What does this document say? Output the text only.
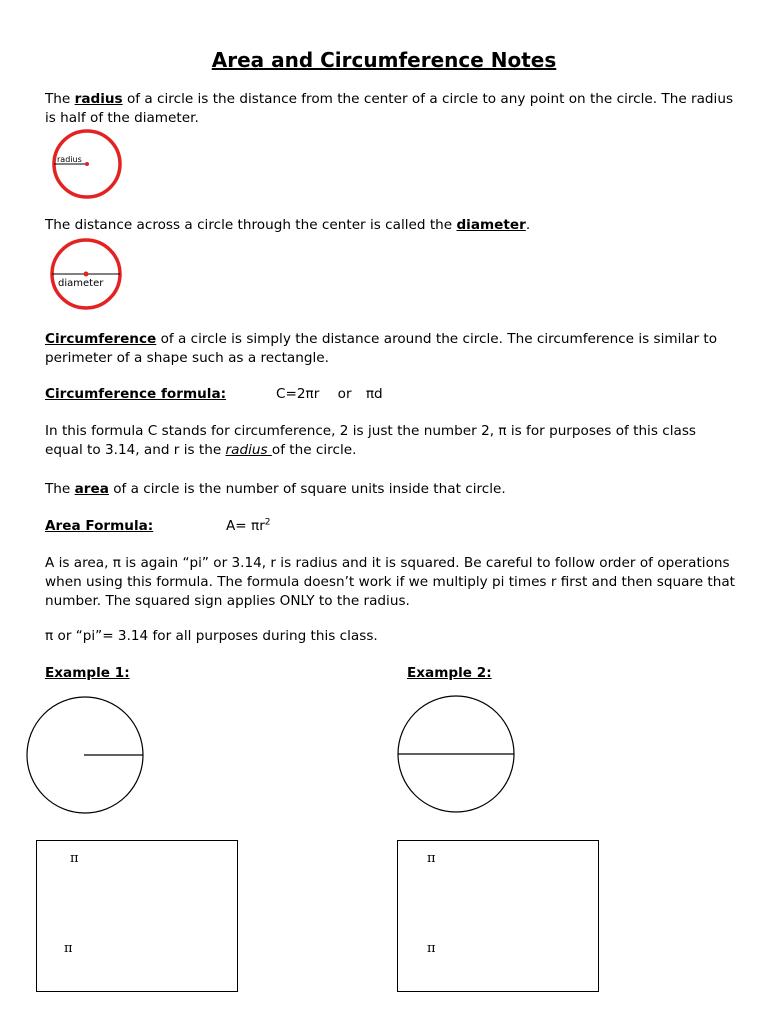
Area and Circumference Notes
The radius of a circle is the distance from the center of a circle to any point on the circle. The radius is half of the diameter.
radius
The distance across a circle through the center is called the diameter.
diameter
Circumference of a circle is simply the distance around the circle. The circumference is similar to perimeter of a shape such as a rectangle.
Circumference formula:	C=2πr or πd
In this formula C stands for circumference, 2 is just the number 2, π is for purposes of this class equal to 3.14, and r is the radius of the circle.
The area of a circle is the number of square units inside that circle.
Area Formula:	$A= \pi r^2$
A is area, π is again “pi” or 3.14, r is radius and it is squared. Be careful to follow order of operations when using this formula. The formula doesn’t work if we multiply pi times r first and then square that number. The squared sign applies ONLY to the radius.
π or “pi”= 3.14 for all purposes during this class.
Example 1:
π
π
Example 2:
π
π
